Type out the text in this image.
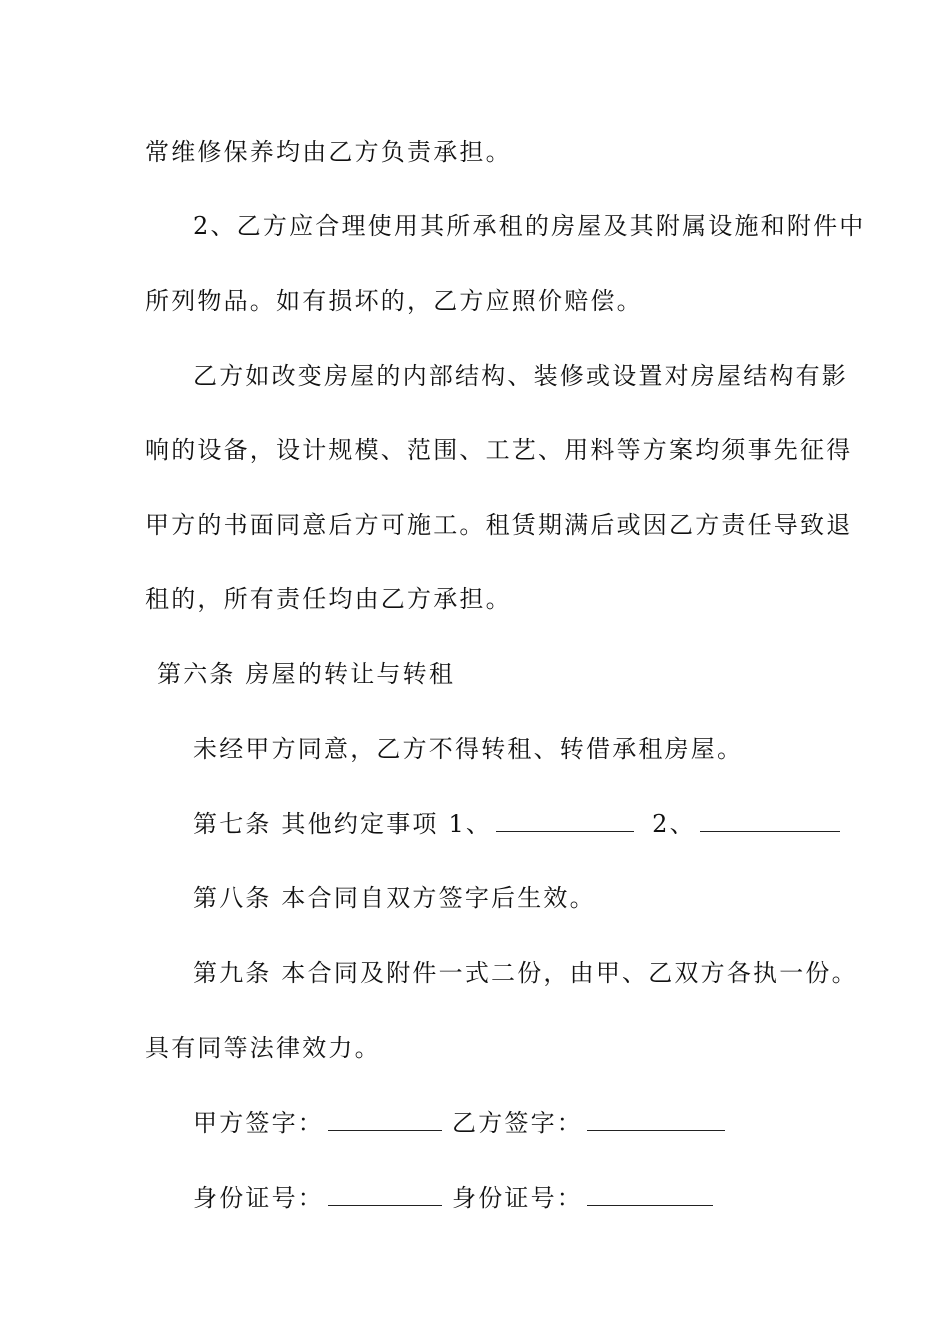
常维修保养均由乙方负责承担。
2、乙方应合理使用其所承租的房屋及其附属设施和附件中
所列物品。如有损坏的，乙方应照价赔偿。
乙方如改变房屋的内部结构、装修或设置对房屋结构有影
响的设备，设计规模、范围、工艺、用料等方案均须事先征得
甲方的书面同意后方可施工。租赁期满后或因乙方责任导致退
租的，所有责任均由乙方承担。
第六条 房屋的转让与转租
未经甲方同意，乙方不得转租、转借承租房屋。
第七条 其他约定事项 1、	2、
第八条 本合同自双方签字后生效。
第九条 本合同及附件一式二份，由甲、乙双方各执一份。
具有同等法律效力。
甲方签字：	乙方签字：
身份证号：	身份证号：
